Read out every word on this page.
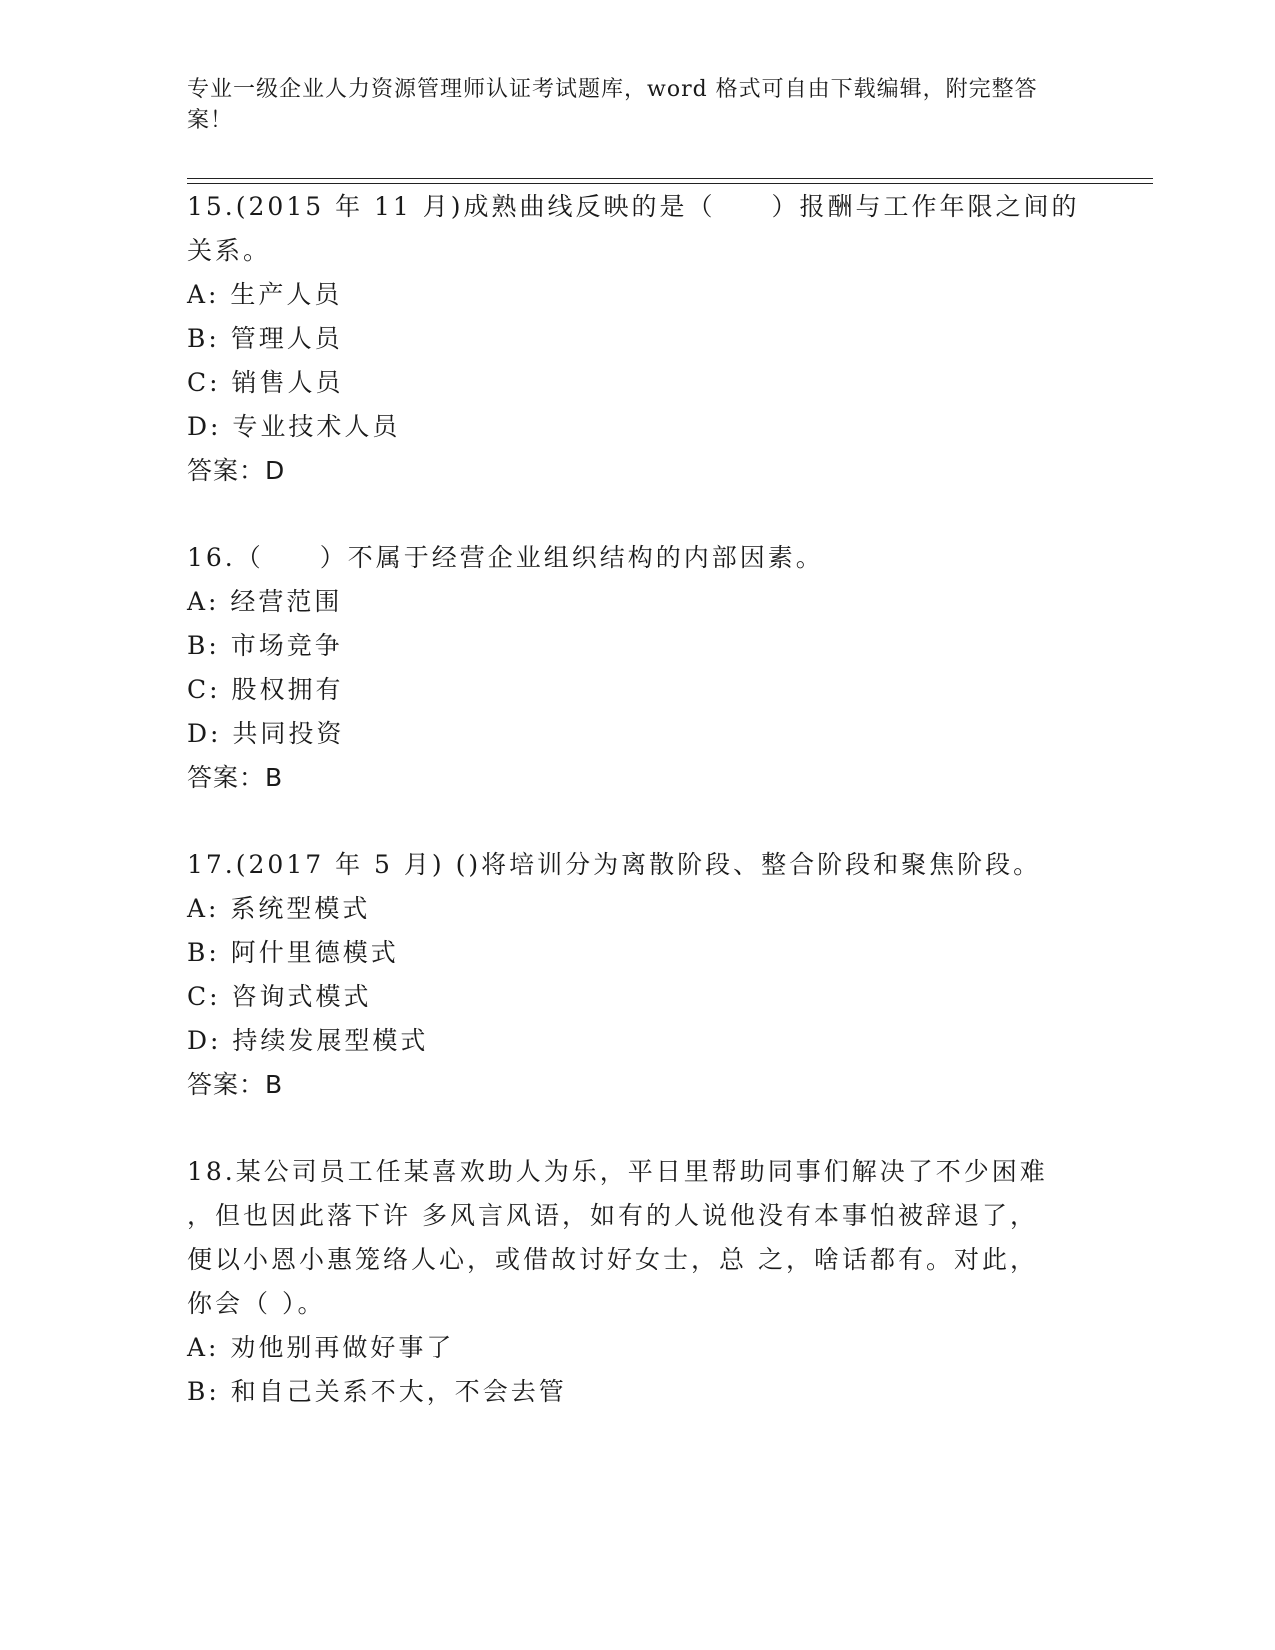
专业一级企业人力资源管理师认证考试题库，word 格式可自由下载编辑，附完整答案！
15.(2015 年 11 月)成熟曲线反映的是（　　）报酬与工作年限之间的
关系。
A: 生产人员
B: 管理人员
C: 销售人员
D: 专业技术人员
答案：D
16.（　　）不属于经营企业组织结构的内部因素。
A: 经营范围
B: 市场竞争
C: 股权拥有
D: 共同投资
答案：B
17.(2017 年 5 月) ()将培训分为离散阶段、整合阶段和聚焦阶段。
A: 系统型模式
B: 阿什里德模式
C: 咨询式模式
D: 持续发展型模式
答案：B
18.某公司员工任某喜欢助人为乐，平日里帮助同事们解决了不少困难
，但也因此落下许 多风言风语，如有的人说他没有本事怕被辞退了，
便以小恩小惠笼络人心，或借故讨好女士，总 之，啥话都有。对此，
你会（ ）。
A: 劝他别再做好事了
B: 和自己关系不大，不会去管
